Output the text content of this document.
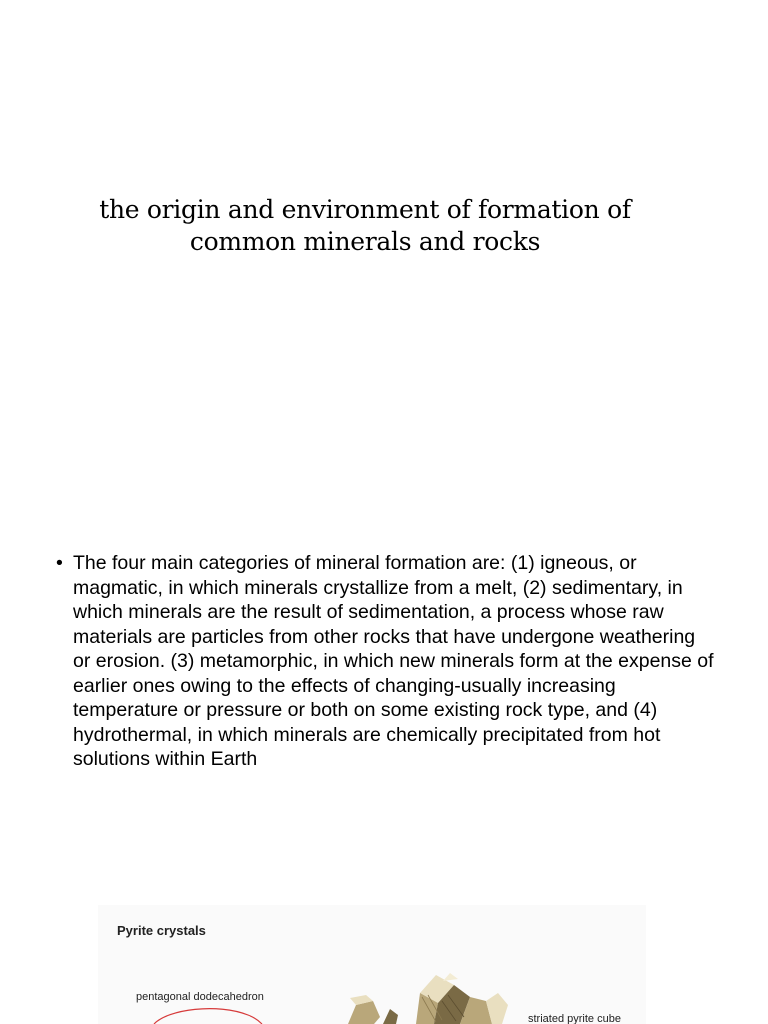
the origin and environment of formation of common minerals and rocks
• The four main categories of mineral formation are: (1) igneous, or magmatic, in which minerals crystallize from a melt, (2) sedimentary, in which minerals are the result of sedimentation, a process whose raw materials are particles from other rocks that have undergone weathering or erosion. (3) metamorphic, in which new minerals form at the expense of earlier ones owing to the effects of changing-usually increasing temperature or pressure or both on some existing rock type, and (4) hydrothermal, in which minerals are chemically precipitated from hot solutions within Earth
Pyrite crystals
pentagonal dodecahedron
striated pyrite cube
